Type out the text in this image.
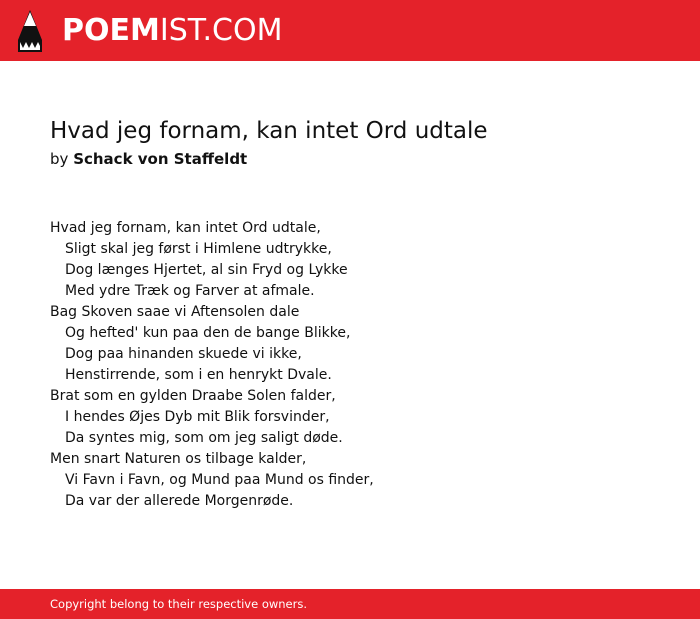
POEMIST.COM
Hvad jeg fornam, kan intet Ord udtale
by Schack von Staffeldt
Hvad jeg fornam, kan intet Ord udtale,
Sligt skal jeg først i Himlene udtrykke,
Dog længes Hjertet, al sin Fryd og Lykke
Med ydre Træk og Farver at afmale.
Bag Skoven saae vi Aftensolen dale
Og hefted' kun paa den de bange Blikke,
Dog paa hinanden skuede vi ikke,
Henstirrende, som i en henrykt Dvale.
Brat som en gylden Draabe Solen falder,
I hendes Øjes Dyb mit Blik forsvinder,
Da syntes mig, som om jeg saligt døde.
Men snart Naturen os tilbage kalder,
Vi Favn i Favn, og Mund paa Mund os finder,
Da var der allerede Morgenrøde.
Copyright belong to their respective owners.
